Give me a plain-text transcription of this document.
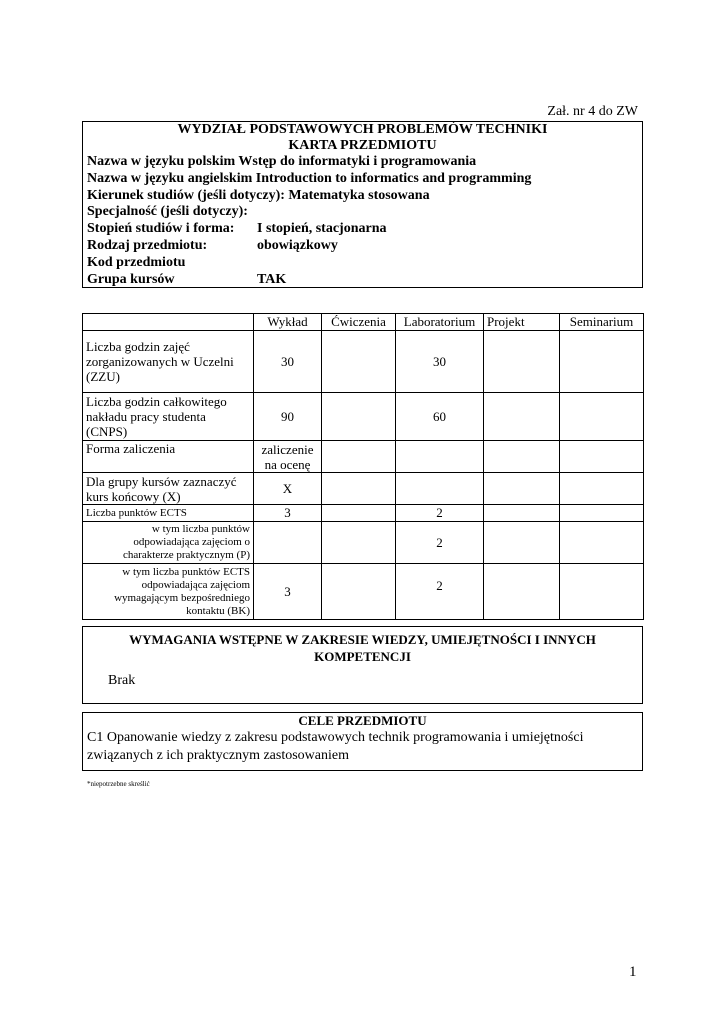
Zał. nr 4 do ZW
WYDZIAŁ PODSTAWOWYCH PROBLEMÓW TECHNIKI
KARTA PRZEDMIOTU
Nazwa w języku polskim Wstęp do informatyki i programowania
Nazwa w języku angielskim Introduction to informatics and programming
Kierunek studiów (jeśli dotyczy): Matematyka stosowana
Specjalność (jeśli dotyczy):
Stopień studiów i forma: I stopień, stacjonarna
Rodzaj przedmiotu:	obowiązkowy
Kod przedmiotu
Grupa kursów	TAK
	Wykład	Ćwiczenia	Laboratorium	Projekt	Seminarium
Liczba godzin zajęć zorganizowanych w Uczelni (ZZU)	30		30		
Liczba godzin całkowitego nakładu pracy studenta (CNPS)	90		60		
Forma zaliczenia	zaliczenie na ocenę				
Dla grupy kursów zaznaczyć kurs końcowy (X)	X				
Liczba punktów ECTS	3		2		
w tym liczba punktów odpowiadająca zajęciom o charakterze praktycznym (P)			2		
w tym liczba punktów ECTS odpowiadająca zajęciom wymagającym bezpośredniego kontaktu (BK)	3		2		
WYMAGANIA WSTĘPNE W ZAKRESIE WIEDZY, UMIEJĘTNOŚCI I INNYCH KOMPETENCJI
Brak
CELE PRZEDMIOTU
C1 Opanowanie wiedzy z zakresu podstawowych technik programowania i umiejętności związanych z ich praktycznym zastosowaniem
*niepotrzebne skreślić
1
